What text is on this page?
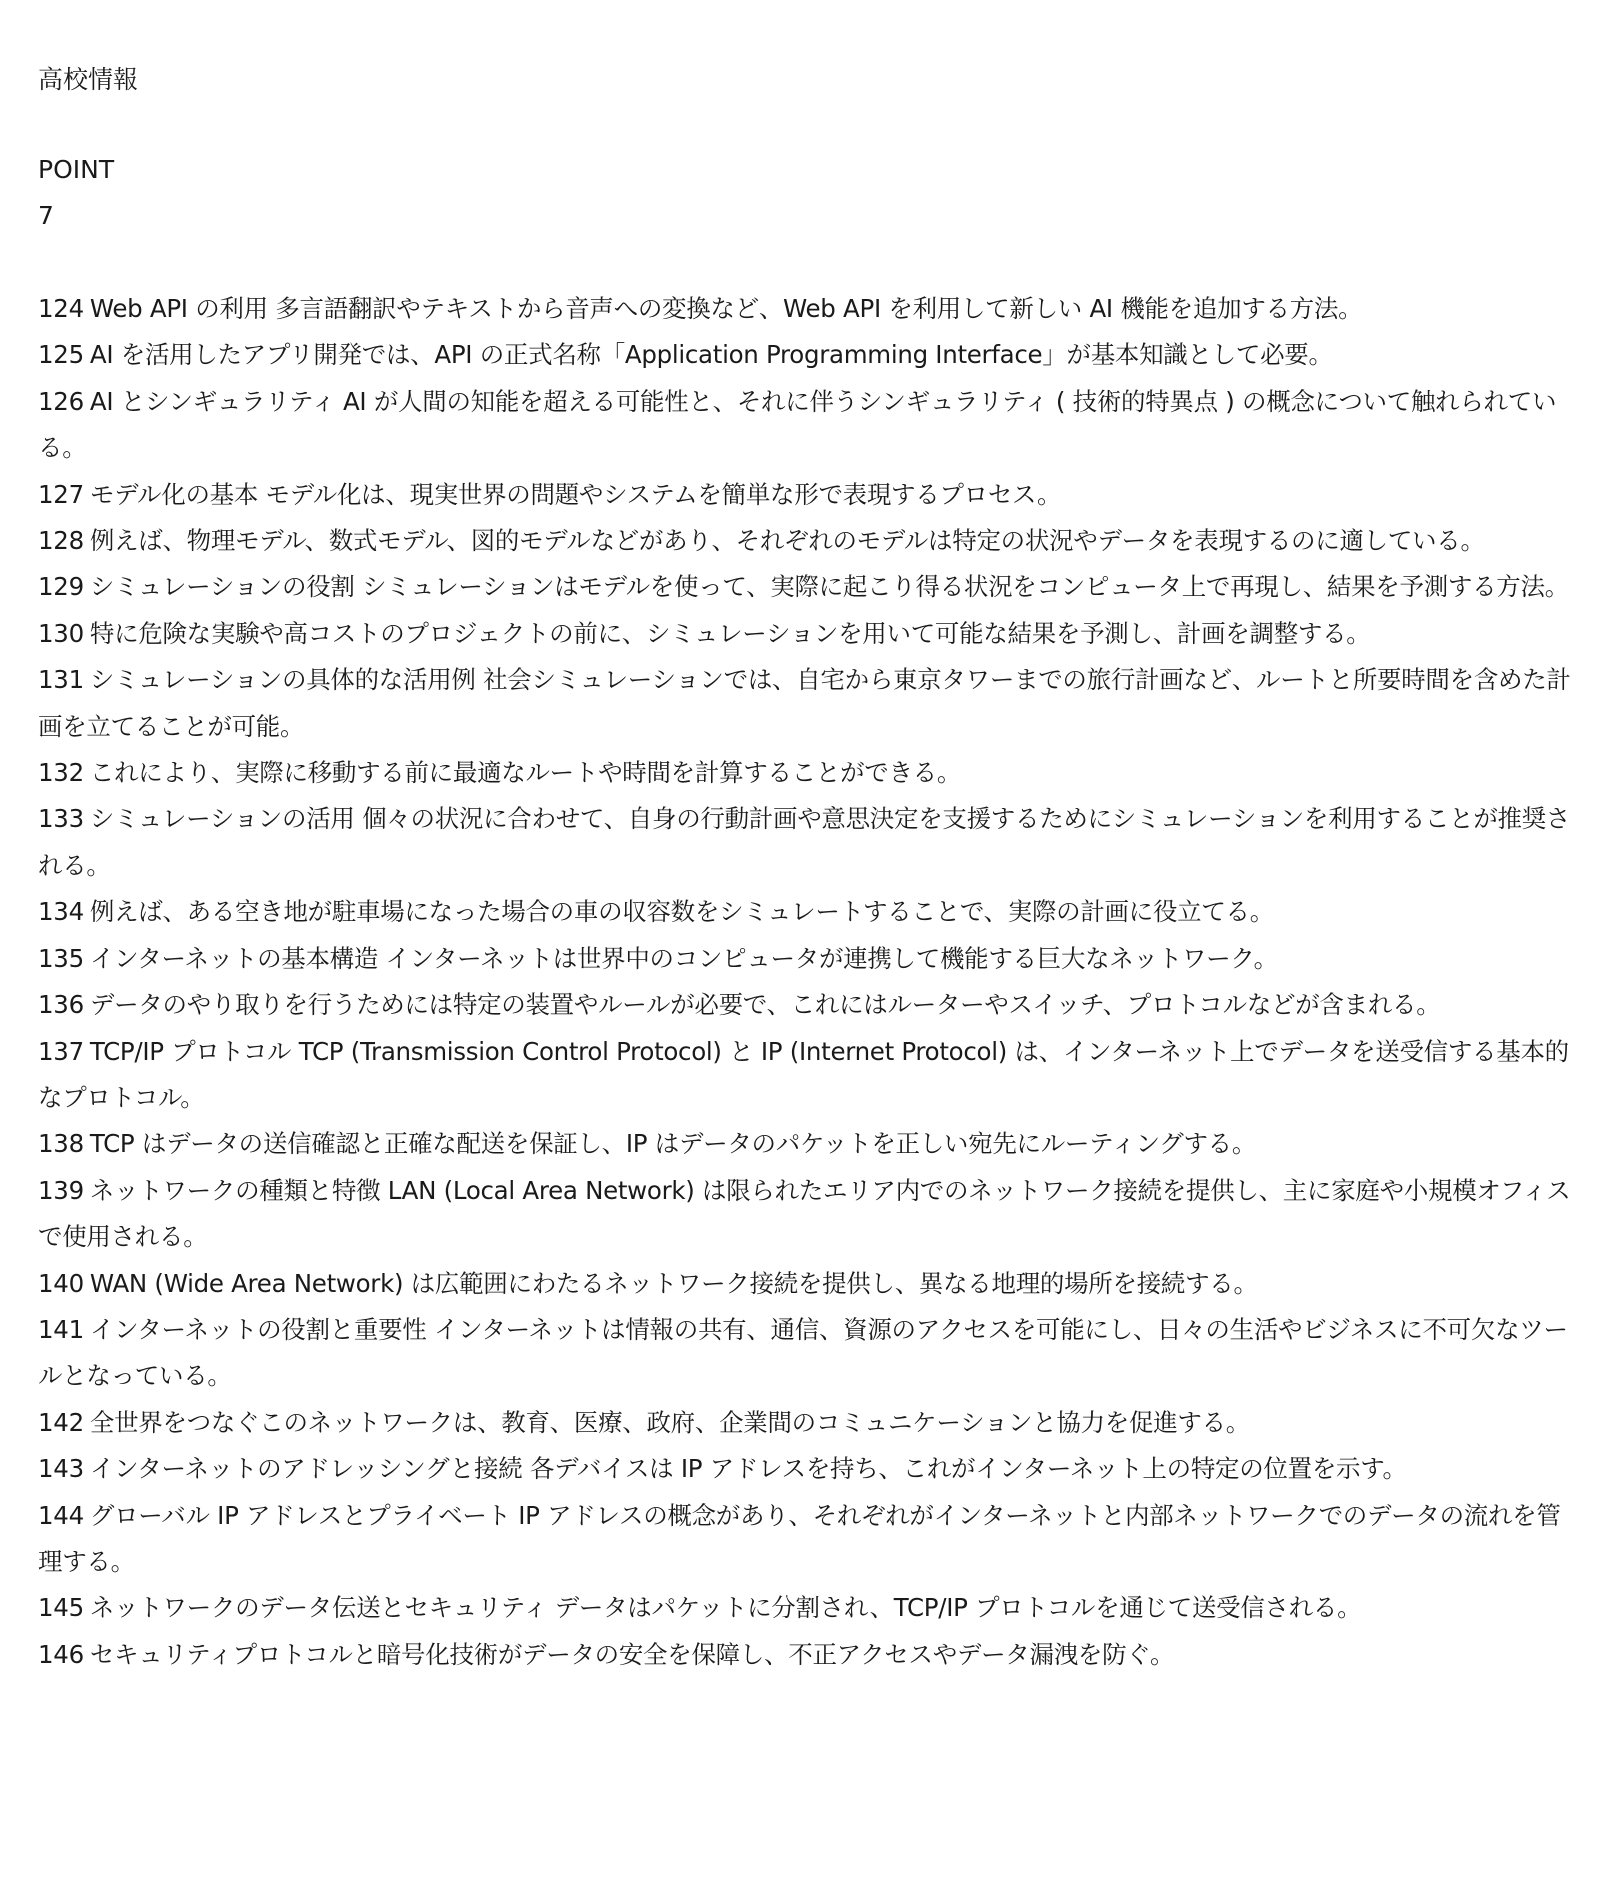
高校情報
POINT
7
124 Web API の利用 多言語翻訳やテキストから音声への変換など、Web API を利用して新しい AI 機能を追加する方法。
125 AI を活用したアプリ開発では、API の正式名称「Application Programming Interface」が基本知識として必要。
126 AI とシンギュラリティ AI が人間の知能を超える可能性と、それに伴うシンギュラリティ ( 技術的特異点 ) の概念について触れられている。
127 モデル化の基本 モデル化は、現実世界の問題やシステムを簡単な形で表現するプロセス。
128 例えば、物理モデル、数式モデル、図的モデルなどがあり、それぞれのモデルは特定の状況やデータを表現するのに適している。
129 シミュレーションの役割 シミュレーションはモデルを使って、実際に起こり得る状況をコンピュータ上で再現し、結果を予測する方法。
130 特に危険な実験や高コストのプロジェクトの前に、シミュレーションを用いて可能な結果を予測し、計画を調整する。
131 シミュレーションの具体的な活用例 社会シミュレーションでは、自宅から東京タワーまでの旅行計画など、ルートと所要時間を含めた計画を立てることが可能。
132 これにより、実際に移動する前に最適なルートや時間を計算することができる。
133 シミュレーションの活用 個々の状況に合わせて、自身の行動計画や意思決定を支援するためにシミュレーションを利用することが推奨される。
134 例えば、ある空き地が駐車場になった場合の車の収容数をシミュレートすることで、実際の計画に役立てる。
135 インターネットの基本構造 インターネットは世界中のコンピュータが連携して機能する巨大なネットワーク。
136 データのやり取りを行うためには特定の装置やルールが必要で、これにはルーターやスイッチ、プロトコルなどが含まれる。
137 TCP/IP プロトコル TCP (Transmission Control Protocol) と IP (Internet Protocol) は、インターネット上でデータを送受信する基本的なプロトコル。
138 TCP はデータの送信確認と正確な配送を保証し、IP はデータのパケットを正しい宛先にルーティングする。
139 ネットワークの種類と特徴 LAN (Local Area Network) は限られたエリア内でのネットワーク接続を提供し、主に家庭や小規模オフィスで使用される。
140 WAN (Wide Area Network) は広範囲にわたるネットワーク接続を提供し、異なる地理的場所を接続する。
141 インターネットの役割と重要性 インターネットは情報の共有、通信、資源のアクセスを可能にし、日々の生活やビジネスに不可欠なツールとなっている。
142 全世界をつなぐこのネットワークは、教育、医療、政府、企業間のコミュニケーションと協力を促進する。
143 インターネットのアドレッシングと接続 各デバイスは IP アドレスを持ち、これがインターネット上の特定の位置を示す。
144 グローバル IP アドレスとプライベート IP アドレスの概念があり、それぞれがインターネットと内部ネットワークでのデータの流れを管理する。
145 ネットワークのデータ伝送とセキュリティ データはパケットに分割され、TCP/IP プロトコルを通じて送受信される。
146 セキュリティプロトコルと暗号化技術がデータの安全を保障し、不正アクセスやデータ漏洩を防ぐ。
